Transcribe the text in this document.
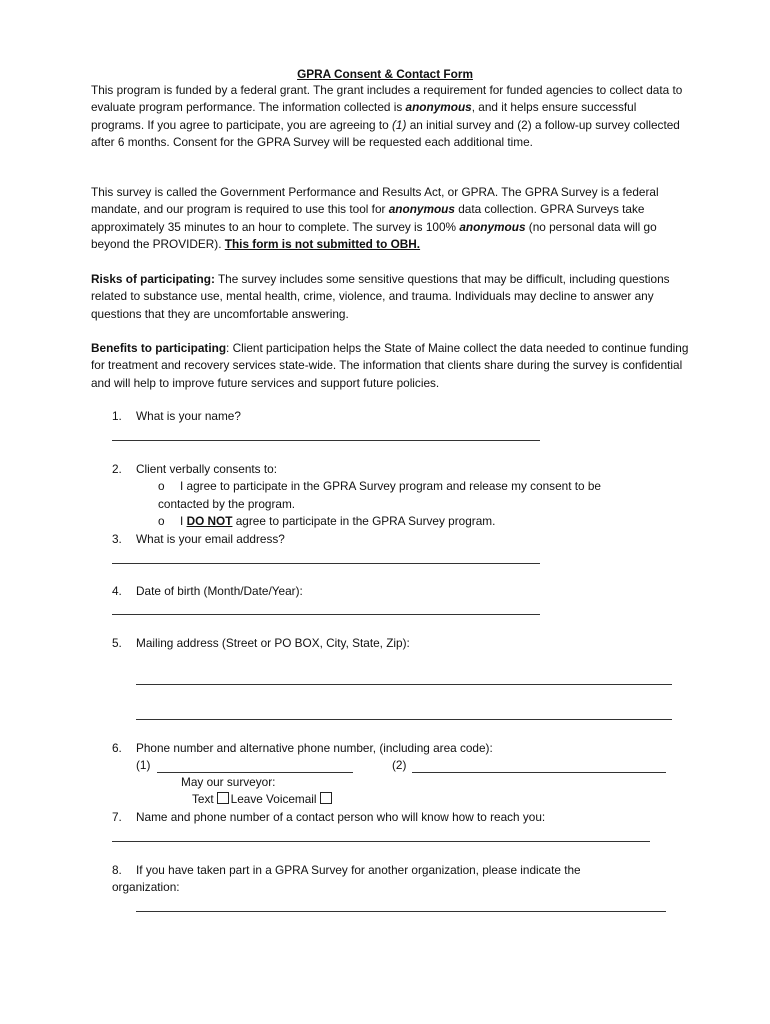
GPRA Consent & Contact Form

This program is funded by a federal grant. The grant includes a requirement for funded agencies to collect data to evaluate program performance. The information collected is anonymous, and it helps ensure successful programs. If you agree to participate, you are agreeing to (1) an initial survey and (2) a follow-up survey collected after 6 months. Consent for the GPRA Survey will be requested each additional time.

This survey is called the Government Performance and Results Act, or GPRA. The GPRA Survey is a federal mandate, and our program is required to use this tool for anonymous data collection. GPRA Surveys take approximately 35 minutes to an hour to complete. The survey is 100% anonymous (no personal data will go beyond the PROVIDER). This form is not submitted to OBH.

Risks of participating: The survey includes some sensitive questions that may be difficult, including questions related to substance use, mental health, crime, violence, and trauma. Individuals may decline to answer any questions that they are uncomfortable answering.

Benefits to participating: Client participation helps the State of Maine collect the data needed to continue funding for treatment and recovery services state-wide. The information that clients share during the survey is confidential and will help to improve future services and support future policies.

1. What is your name?
2. Client verbally consents to:
o I agree to participate in the GPRA Survey program and release my consent to be
contacted by the program.
o I DO NOT agree to participate in the GPRA Survey program.
3. What is your email address?
4. Date of birth (Month/Date/Year):
5. Mailing address (Street or PO BOX, City, State, Zip):
6. Phone number and alternative phone number, (including area code):
(1)	(2)
May our surveyor:
Text Leave Voicemail
7. Name and phone number of a contact person who will know how to reach you:
8. If you have taken part in a GPRA Survey for another organization, please indicate the
organization:
